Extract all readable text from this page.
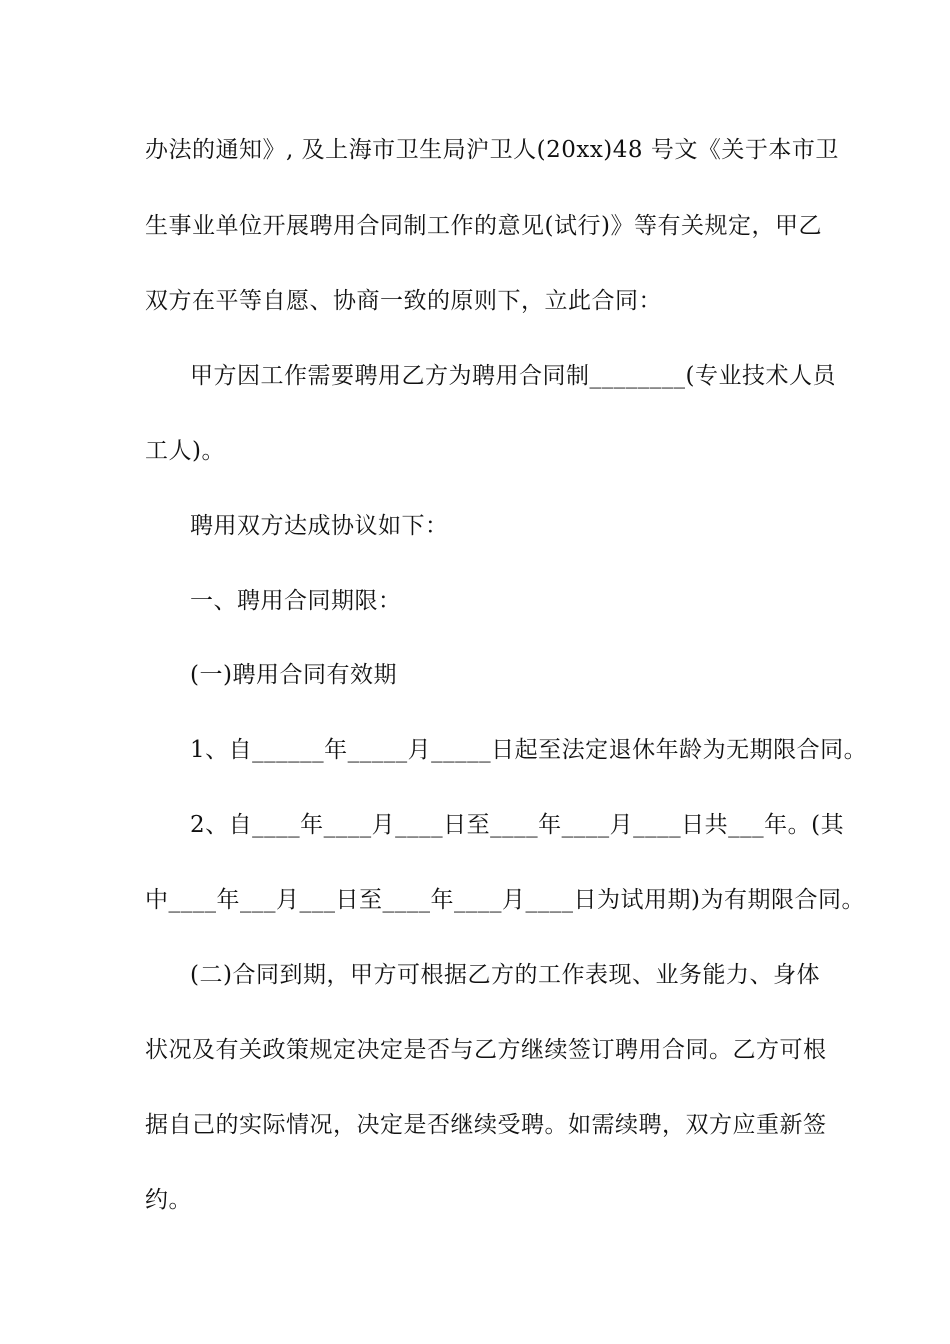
办法的通知》, 及上海市卫生局沪卫人(20xx)48 号文《关于本市卫
生事业单位开展聘用合同制工作的意见(试行)》等有关规定，甲乙
双方在平等自愿、协商一致的原则下，立此合同：
甲方因工作需要聘用乙方为聘用合同制________(专业技术人员
工人)。
聘用双方达成协议如下：
一、聘用合同期限：
(一)聘用合同有效期
1、自______年_____月_____日起至法定退休年龄为无期限合同。
2、自____年____月____日至____年____月____日共___年。(其
中____年___月___日至____年____月____日为试用期)为有期限合同。
(二)合同到期，甲方可根据乙方的工作表现、业务能力、身体
状况及有关政策规定决定是否与乙方继续签订聘用合同。乙方可根
据自己的实际情况，决定是否继续受聘。如需续聘，双方应重新签
约。
